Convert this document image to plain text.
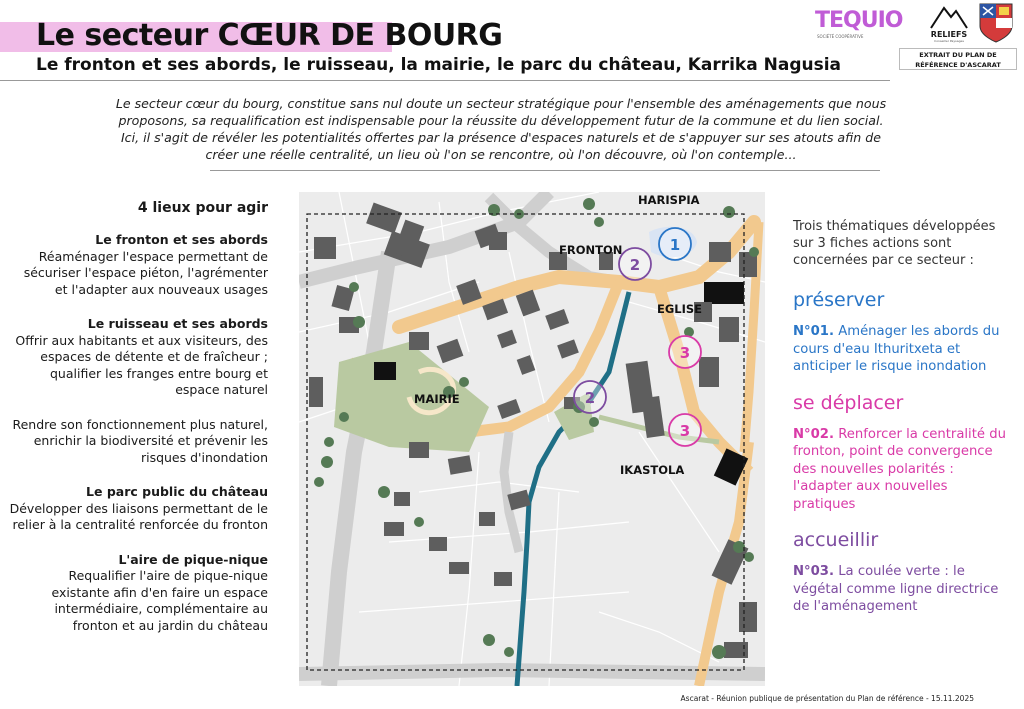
Le secteur CŒUR DE BOURG
Le fronton et ses abords, le ruisseau, la mairie, le parc du château, Karrika Nagusia
TEQUIO
SOCIÉTÉ COOPÉRATIVE	RELIEFS
Conseiller Paysages
EXTRAIT DU PLAN DE
RÉFÉRENCE D'ASCARAT
Le secteur cœur du bourg, constitue sans nul doute un secteur stratégique pour l'ensemble des aménagements que nous
proposons, sa requalification est indispensable pour la réussite du développement futur de la commune et du lien social.
Ici, il s'agit de révéler les potentialités offertes par la présence d'espaces naturels et de s'appuyer sur ses atouts afin de
créer une réelle centralité, un lieu où l'on se rencontre, où l'on découvre, où l'on contemple...
4 lieux pour agir
Le fronton et ses abords
Réaménager l'espace permettant de sécuriser l'espace piéton, l'agrémenter et l'adapter aux nouveaux usages
Le ruisseau et ses abords
Offrir aux habitants et aux visiteurs, des espaces de détente et de fraîcheur ; qualifier les franges entre bourg et espace naturel
Rendre son fonctionnement plus naturel, enrichir la biodiversité et prévenir les risques d'inondation
Le parc public du château
Développer des liaisons permettant de le relier à la centralité renforcée du fronton
L'aire de pique-nique
Requalifier l'aire de pique-nique existante afin d'en faire un espace intermédiaire, complémentaire au fronton et au jardin du château
1
2
2
3
3
HARISPIA
FRONTON
EGLISE
MAIRIE
IKASTOLA
Trois thématiques développées sur 3 fiches actions sont concernées par ce secteur :
préserver
N°01. Aménager les abords du cours d'eau Ithuritxeta et anticiper le risque inondation
se déplacer
N°02. Renforcer la centralité du fronton, point de convergence des nouvelles polarités : l'adapter aux nouvelles pratiques
accueillir
N°03. La coulée verte : le végétal comme ligne directrice de l'aménagement
Ascarat - Réunion publique de présentation du Plan de référence - 15.11.2025
